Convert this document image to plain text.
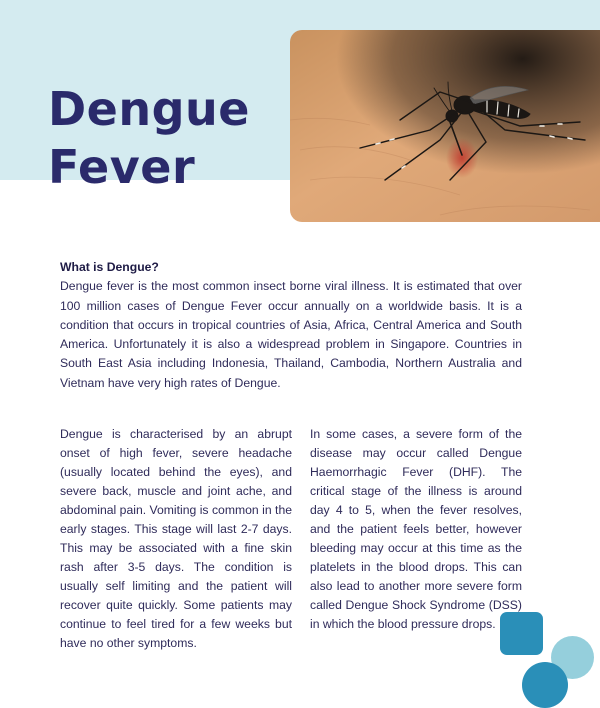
Dengue
Fever
What is Dengue?

Dengue fever is the most common insect borne viral illness. It is estimated that over 100 million cases of Dengue Fever occur annually on a worldwide basis. It is a condition that occurs in tropical countries of Asia, Africa, Central America and South America. Unfortunately it is also a widespread problem in Singapore. Countries in South East Asia including Indonesia, Thailand, Cambodia, Northern Australia and Vietnam have very high rates of Dengue.

Dengue is characterised by an abrupt onset of high fever, severe headache (usually located behind the eyes), and severe back, muscle and joint ache, and abdominal pain. Vomiting is common in the early stages. This stage will last 2-7 days. This may be associated with a fine skin rash after 3-5 days. The condition is usually self limiting and the patient will recover quite quickly. Some patients may continue to feel tired for a few weeks but have no other symptoms.

In some cases, a severe form of the disease may occur called Dengue Haemorrhagic Fever (DHF). The critical stage of the illness is around day 4 to 5, when the fever resolves, and the patient feels better, however bleeding may occur at this time as the platelets in the blood drops. This can also lead to another more severe form called Dengue Shock Syndrome (DSS) in which the blood pressure drops.
